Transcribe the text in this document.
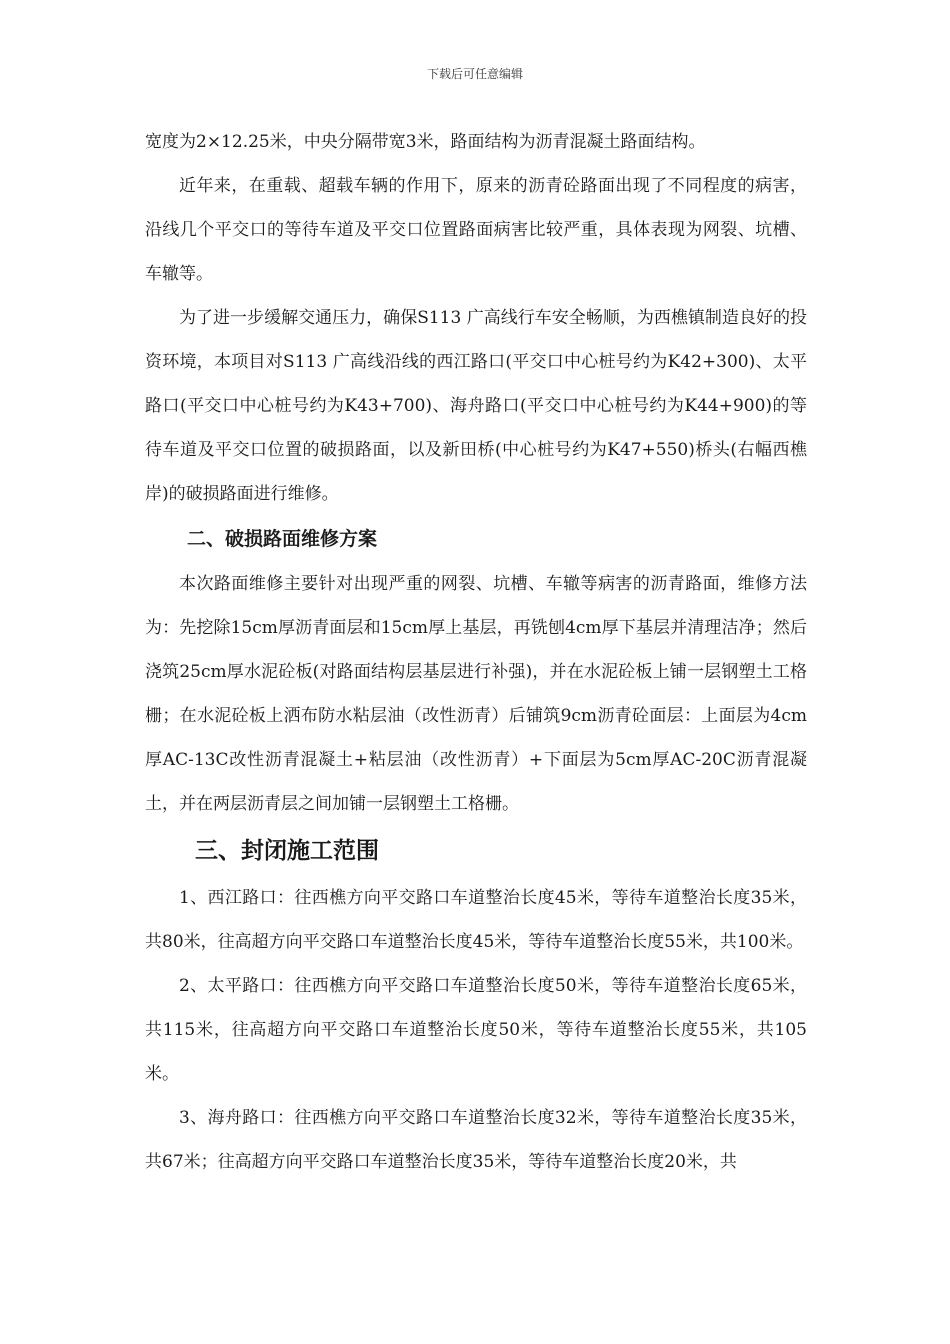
下载后可任意编辑

宽度为2×12.25米，中央分隔带宽3米，路面结构为沥青混凝土路面结构。

近年来，在重载、超载车辆的作用下，原来的沥青砼路面出现了不同程度的病害，沿线几个平交口的等待车道及平交口位置路面病害比较严重，具体表现为网裂、坑槽、车辙等。

为了进一步缓解交通压力，确保S113 广高线行车安全畅顺，为西樵镇制造良好的投资环境，本项目对S113 广高线沿线的西江路口(平交口中心桩号约为K42+300)、太平路口(平交口中心桩号约为K43+700)、海舟路口(平交口中心桩号约为K44+900)的等待车道及平交口位置的破损路面，以及新田桥(中心桩号约为K47+550)桥头(右幅西樵岸)的破损路面进行维修。

二、破损路面维修方案

本次路面维修主要针对出现严重的网裂、坑槽、车辙等病害的沥青路面，维修方法为：先挖除15cm厚沥青面层和15cm厚上基层，再铣刨4cm厚下基层并清理洁净；然后浇筑25cm厚水泥砼板(对路面结构层基层进行补强)，并在水泥砼板上铺一层钢塑土工格栅；在水泥砼板上洒布防水粘层油（改性沥青）后铺筑9cm沥青砼面层：上面层为4cm厚AC-13C改性沥青混凝土+粘层油（改性沥青）+下面层为5cm厚AC-20C沥青混凝土，并在两层沥青层之间加铺一层钢塑土工格栅。

三、封闭施工范围

1、西江路口：往西樵方向平交路口车道整治长度45米，等待车道整治长度35米，共80米，往高超方向平交路口车道整治长度45米，等待车道整治长度55米，共100米。

2、太平路口：往西樵方向平交路口车道整治长度50米，等待车道整治长度65米，共115米，往高超方向平交路口车道整治长度50米，等待车道整治长度55米，共105米。

3、海舟路口：往西樵方向平交路口车道整治长度32米，等待车道整治长度35米，共67米；往高超方向平交路口车道整治长度35米，等待车道整治长度20米，共
